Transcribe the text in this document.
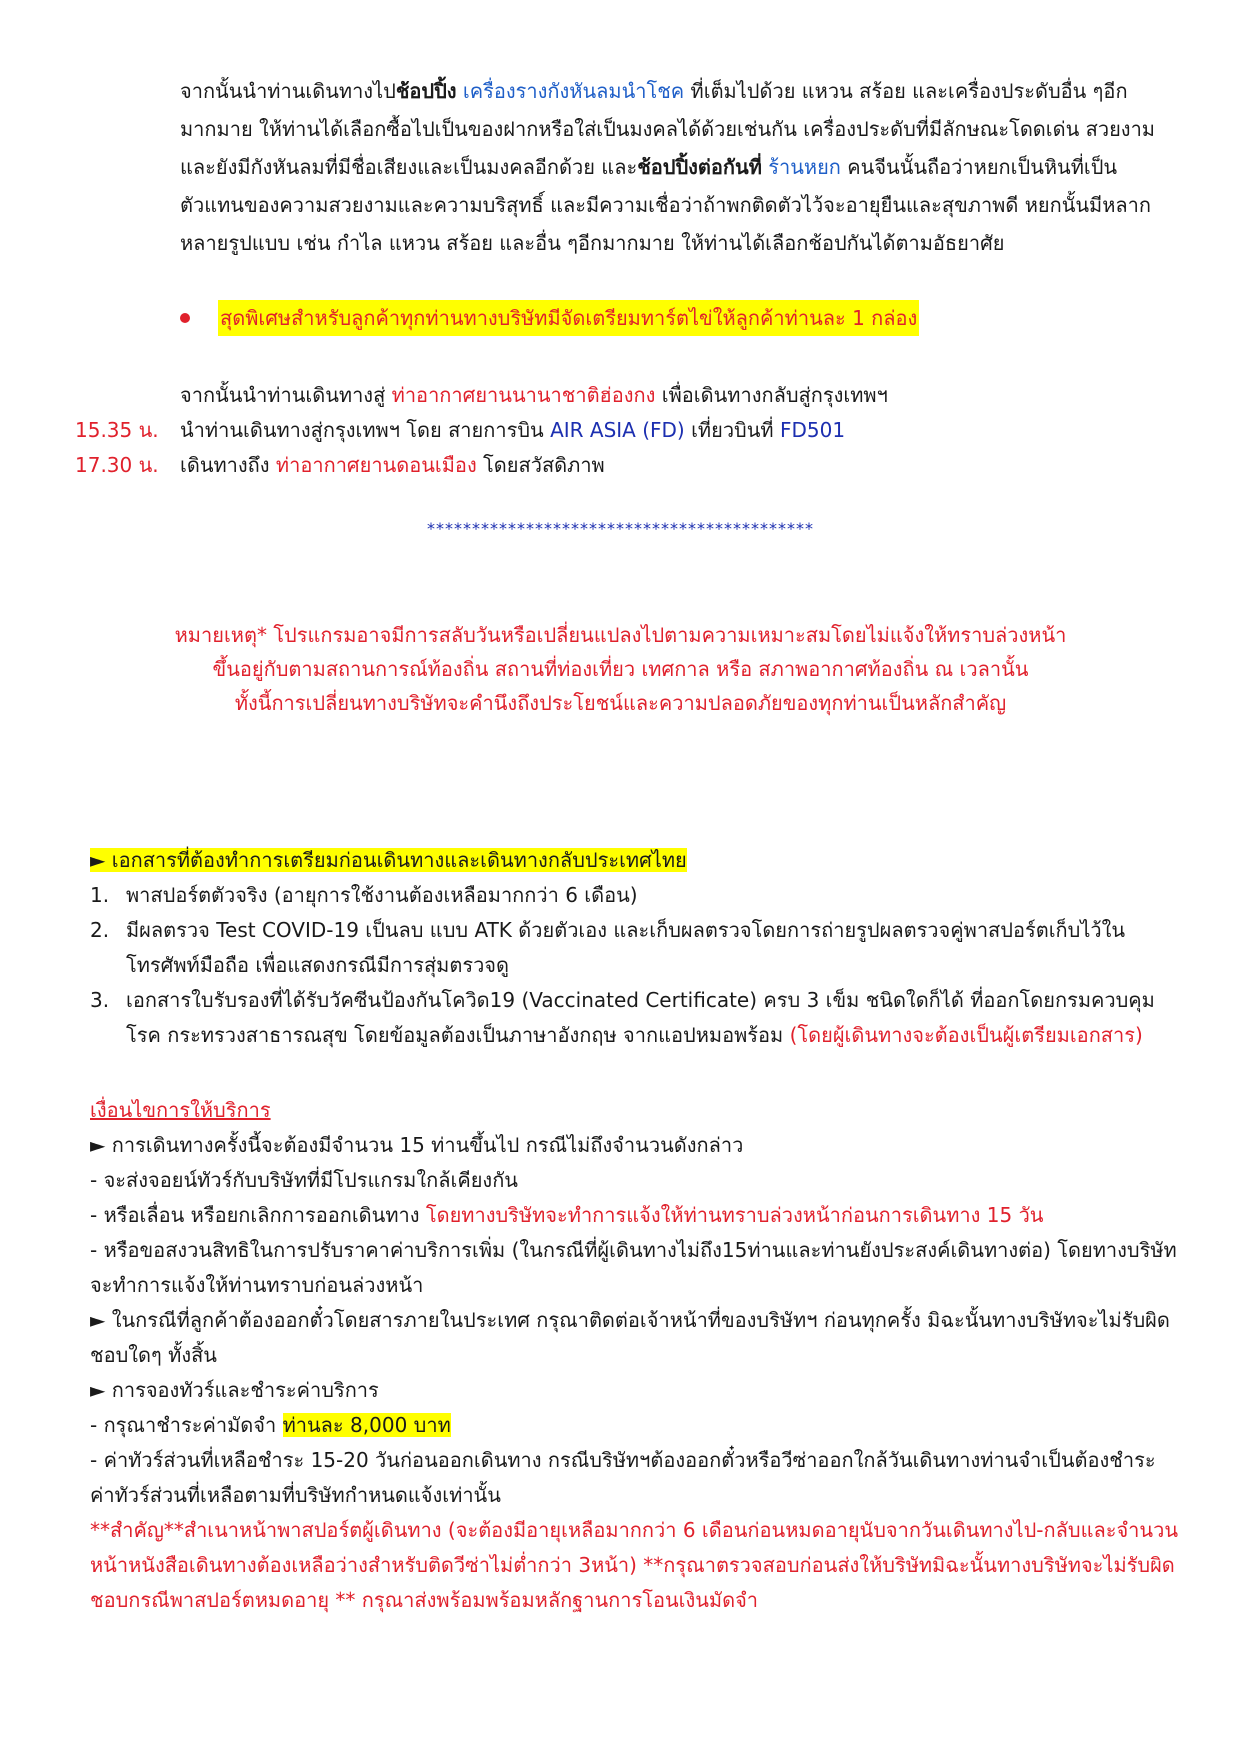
จากนั้นนำท่านเดินทางไปช้อปปิ้ง เครื่องรางกังหันลมนำโชค ที่เต็มไปด้วย แหวน สร้อย และเครื่องประดับอื่น ๆอีกมากมาย ให้ท่านได้เลือกซื้อไปเป็นของฝากหรือใส่เป็นมงคลได้ด้วยเช่นกัน เครื่องประดับที่มีลักษณะโดดเด่น สวยงาม และยังมีกังหันลมที่มีชื่อเสียงและเป็นมงคลอีกด้วย และช้อปปิ้งต่อกันที่ ร้านหยก คนจีนนั้นถือว่าหยกเป็นหินที่เป็นตัวแทนของความสวยงามและความบริสุทธิ์ และมีความเชื่อว่าถ้าพกติดตัวไว้จะอายุยืนและสุขภาพดี หยกนั้นมีหลากหลายรูปแบบ เช่น กำไล แหวน สร้อย และอื่น ๆอีกมากมาย ให้ท่านได้เลือกช้อปกันได้ตามอัธยาศัย
สุดพิเศษสำหรับลูกค้าทุกท่านทางบริษัทมีจัดเตรียมทาร์ตไข่ให้ลูกค้าท่านละ 1 กล่อง
จากนั้นนำท่านเดินทางสู่ ท่าอากาศยานนานาชาติฮ่องกง เพื่อเดินทางกลับสู่กรุงเทพฯ
15.35 น. นำท่านเดินทางสู่กรุงเทพฯ โดย สายการบิน AIR ASIA (FD) เที่ยวบินที่ FD501
17.30 น. เดินทางถึง ท่าอากาศยานดอนเมือง โดยสวัสดิภาพ
*******************************************
หมายเหตุ* โปรแกรมอาจมีการสลับวันหรือเปลี่ยนแปลงไปตามความเหมาะสมโดยไม่แจ้งให้ทราบล่วงหน้า
ขึ้นอยู่กับตามสถานการณ์ท้องถิ่น สถานที่ท่องเที่ยว เทศกาล หรือ สภาพอากาศท้องถิ่น ณ เวลานั้น
ทั้งนี้การเปลี่ยนทางบริษัทจะคำนึงถึงประโยชน์และความปลอดภัยของทุกท่านเป็นหลักสำคัญ
► เอกสารที่ต้องทำการเตรียมก่อนเดินทางและเดินทางกลับประเทศไทย
1. พาสปอร์ตตัวจริง (อายุการใช้งานต้องเหลือมากกว่า 6 เดือน)
2. มีผลตรวจ Test COVID-19 เป็นลบ แบบ ATK ด้วยตัวเอง และเก็บผลตรวจโดยการถ่ายรูปผลตรวจคู่พาสปอร์ตเก็บไว้ในโทรศัพท์มือถือ เพื่อแสดงกรณีมีการสุ่มตรวจดู
3. เอกสารใบรับรองที่ได้รับวัคซีนป้องกันโควิด19 (Vaccinated Certificate) ครบ 3 เข็ม ชนิดใดก็ได้ ที่ออกโดยกรมควบคุมโรค กระทรวงสาธารณสุข โดยข้อมูลต้องเป็นภาษาอังกฤษ จากแอปหมอพร้อม (โดยผู้เดินทางจะต้องเป็นผู้เตรียมเอกสาร)
เงื่อนไขการให้บริการ
► การเดินทางครั้งนี้จะต้องมีจำนวน 15 ท่านขึ้นไป กรณีไม่ถึงจำนวนดังกล่าว
- จะส่งจอยน์ทัวร์กับบริษัทที่มีโปรแกรมใกล้เคียงกัน
- หรือเลื่อน หรือยกเลิกการออกเดินทาง โดยทางบริษัทจะทำการแจ้งให้ท่านทราบล่วงหน้าก่อนการเดินทาง 15 วัน
- หรือขอสงวนสิทธิในการปรับราคาค่าบริการเพิ่ม (ในกรณีที่ผู้เดินทางไม่ถึง15ท่านและท่านยังประสงค์เดินทางต่อ) โดยทางบริษัทจะทำการแจ้งให้ท่านทราบก่อนล่วงหน้า
► ในกรณีที่ลูกค้าต้องออกตั๋วโดยสารภายในประเทศ กรุณาติดต่อเจ้าหน้าที่ของบริษัทฯ ก่อนทุกครั้ง มิฉะนั้นทางบริษัทจะไม่รับผิดชอบใดๆ ทั้งสิ้น
► การจองทัวร์และชำระค่าบริการ
- กรุณาชำระค่ามัดจำ ท่านละ 8,000 บาท
- ค่าทัวร์ส่วนที่เหลือชำระ 15-20 วันก่อนออกเดินทาง กรณีบริษัทฯต้องออกตั๋วหรือวีซ่าออกใกล้วันเดินทางท่านจำเป็นต้องชำระค่าทัวร์ส่วนที่เหลือตามที่บริษัทกำหนดแจ้งเท่านั้น
**สำคัญ**สำเนาหน้าพาสปอร์ตผู้เดินทาง (จะต้องมีอายุเหลือมากกว่า 6 เดือนก่อนหมดอายุนับจากวันเดินทางไป-กลับและจำนวนหน้าหนังสือเดินทางต้องเหลือว่างสำหรับติดวีซ่าไม่ต่ำกว่า 3หน้า) **กรุณาตรวจสอบก่อนส่งให้บริษัทมิฉะนั้นทางบริษัทจะไม่รับผิดชอบกรณีพาสปอร์ตหมดอายุ ** กรุณาส่งพร้อมพร้อมหลักฐานการโอนเงินมัดจำ
